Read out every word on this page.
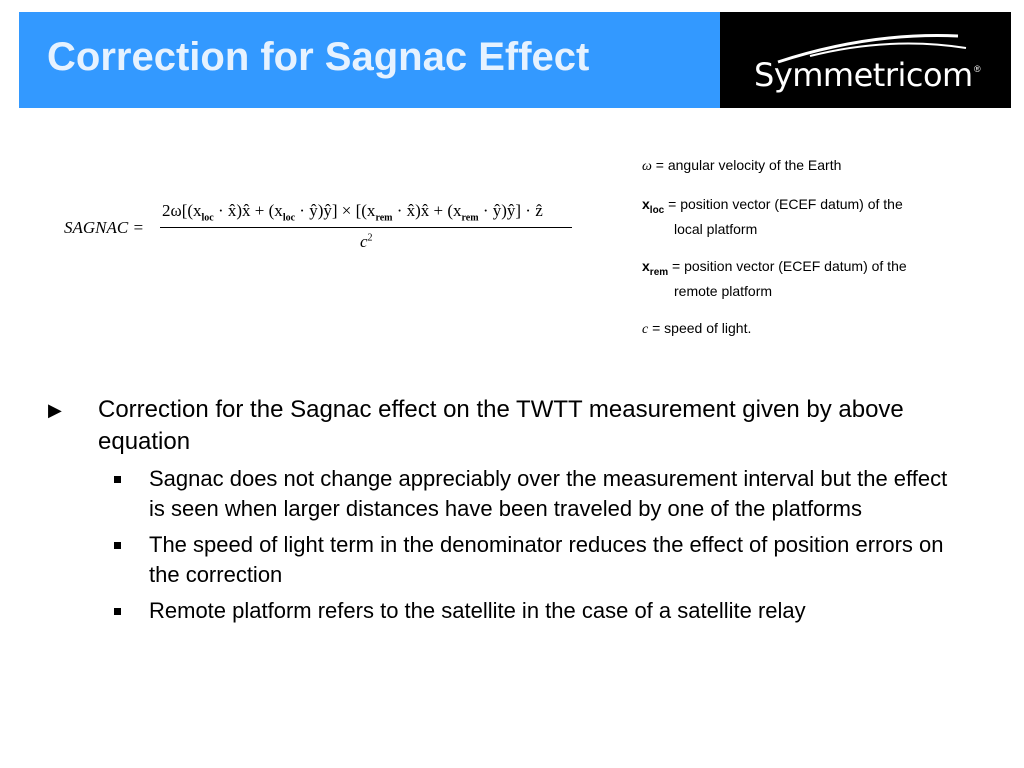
Correction for Sagnac Effect	Symmetricom ®
SAGNAC =
$2\omega[(x_{loc}$ · x̂)x̂ + ($x_{loc}$ · ŷ)ŷ] × [($x_{rem}$ · x̂)x̂ + ($x_{rem}$ · ŷ)ŷ] · ẑ
$c^2$
ω = angular velocity of the Earth
$x_{loc}$ = position vector (ECEF datum) of the
local platform
$x_{rem}$ = position vector (ECEF datum) of the
remote platform
c = speed of light.
▶ Correction for the Sagnac effect on the TWTT measurement given by above equation
Sagnac does not change appreciably over the measurement interval but the effect is seen when larger distances have been traveled by one of the platforms
The speed of light term in the denominator reduces the effect of position errors on the correction
Remote platform refers to the satellite in the case of a satellite relay
